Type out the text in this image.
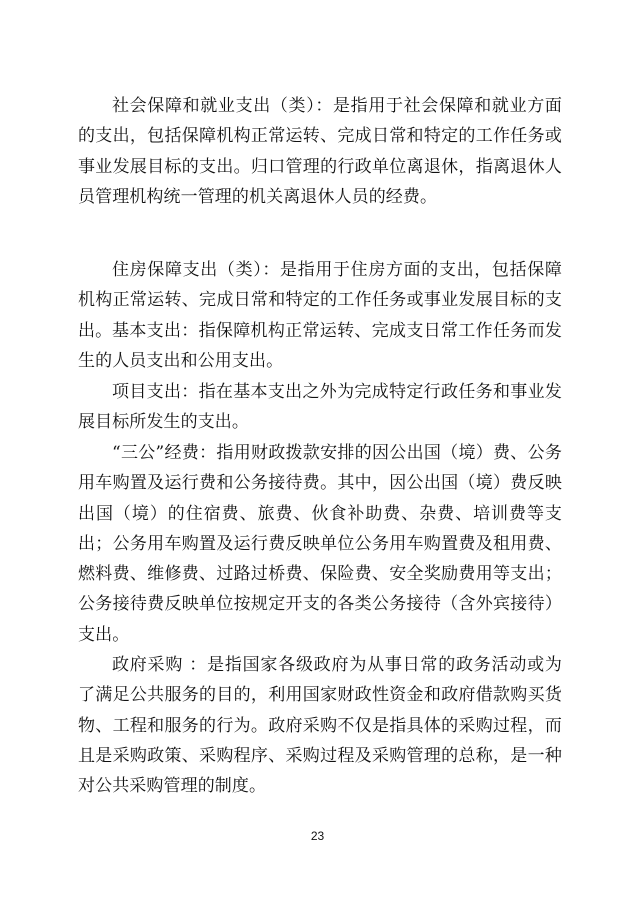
社会保障和就业支出（类）：是指用于社会保障和就业方面的支出，包括保障机构正常运转、完成日常和特定的工作任务或事业发展目标的支出。归口管理的行政单位离退休，指离退休人员管理机构统一管理的机关离退休人员的经费。

住房保障支出（类）：是指用于住房方面的支出，包括保障机构正常运转、完成日常和特定的工作任务或事业发展目标的支出。 基本支出：指保障机构正常运转、完成支日常工作任务而发生的人员支出和公用支出。

项目支出：指在基本支出之外为完成特定行政任务和事业发展目标所发生的支出。

“三公”经费：指用财政拨款安排的因公出国（境）费、公务用车购置及运行费和公务接待费。其中，因公出国（境）费反映出国（境）的住宿费、旅费、伙食补助费、杂费、培训费等支出；公务用车购置及运行费反映单位公务用车购置费及租用费、燃料费、维修费、过路过桥费、保险费、安全奖励费用等支出；公务接待费反映单位按规定开支的各类公务接待（含外宾接待）支出。

政府采购 ：是指国家各级政府为从事日常的政务活动或为了满足公共服务的目的，利用国家财政性资金和政府借款购买货物、工程和服务的行为。政府采购不仅是指具体的采购过程，而且是采购政策、采购程序、采购过程及采购管理的总称，是一种对公共采购管理的制度。

23
